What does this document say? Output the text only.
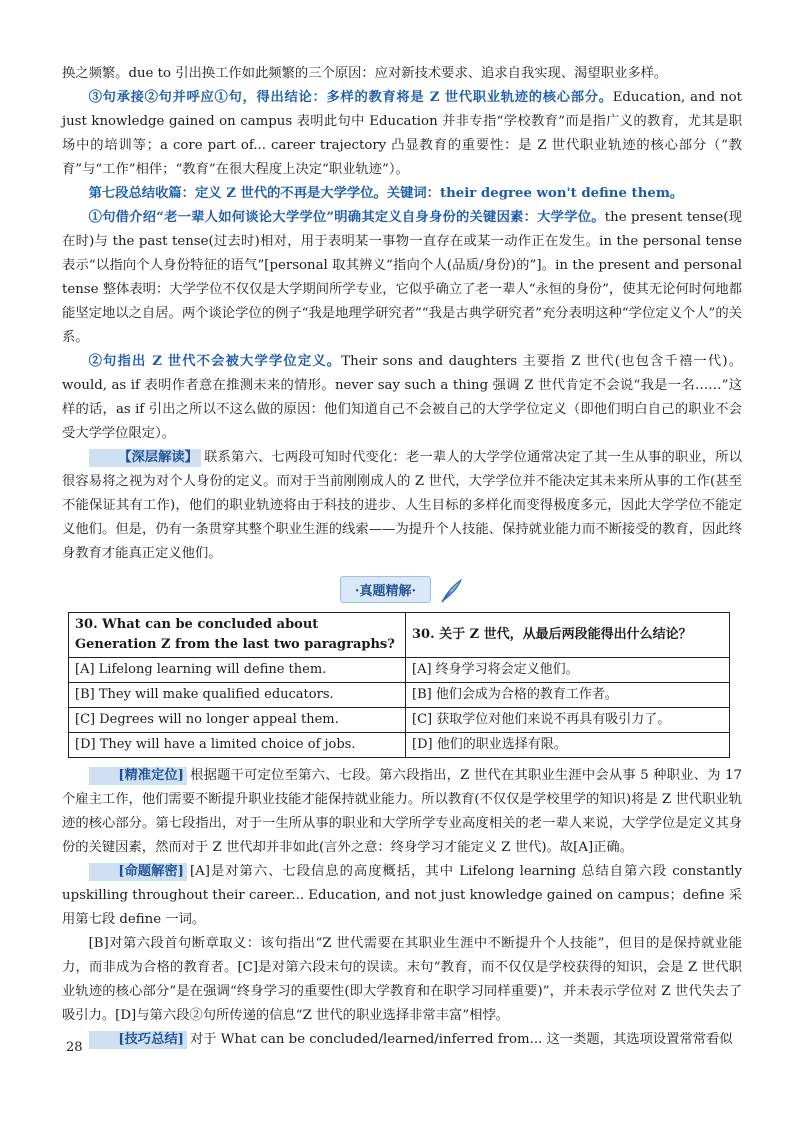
换之频繁。due to 引出换工作如此频繁的三个原因：应对新技术要求、追求自我实现、渴望职业多样。

③句承接②句并呼应①句，得出结论：多样的教育将是 Z 世代职业轨迹的核心部分。Education, and not just knowledge gained on campus 表明此句中 Education 并非专指“学校教育”而是指广义的教育，尤其是职场中的培训等；a core part of... career trajectory 凸显教育的重要性：是 Z 世代职业轨迹的核心部分（“教育”与“工作”相伴；“教育”在很大程度上决定“职业轨迹”）。

第七段总结收篇：定义 Z 世代的不再是大学学位。关键词：their degree won't define them。

①句借介绍“老一辈人如何谈论大学学位”明确其定义自身身份的关键因素：大学学位。the present tense(现在时)与 the past tense(过去时)相对，用于表明某一事物一直存在或某一动作正在发生。in the personal tense 表示“以指向个人身份特征的语气”[personal 取其辨义“指向个人(品质/身份)的”]。in the present and personal tense 整体表明：大学学位不仅仅是大学期间所学专业，它似乎确立了老一辈人“永恒的身份”，使其无论何时何地都能坚定地以之自居。两个谈论学位的例子“我是地理学研究者”“我是古典学研究者”充分表明这种“学位定义个人”的关系。

②句指出 Z 世代不会被大学学位定义。Their sons and daughters 主要指 Z 世代(也包含千禧一代)。would, as if 表明作者意在推测未来的情形。never say such a thing 强调 Z 世代肯定不会说“我是一名……”这样的话，as if 引出之所以不这么做的原因：他们知道自己不会被自己的大学学位定义（即他们明白自己的职业不会受大学学位限定）。

【深层解读】 联系第六、七两段可知时代变化：老一辈人的大学学位通常决定了其一生从事的职业，所以很容易将之视为对个人身份的定义。而对于当前刚刚成人的 Z 世代，大学学位并不能决定其未来所从事的工作(甚至不能保证其有工作)，他们的职业轨迹将由于科技的进步、人生目标的多样化而变得极度多元，因此大学学位不能定义他们。但是，仍有一条贯穿其整个职业生涯的线索——为提升个人技能、保持就业能力而不断接受的教育，因此终身教育才能真正定义他们。

·真题精解·
30. What can be concluded about Generation Z from the last two paragraphs?	30. 关于 Z 世代，从最后两段能得出什么结论？
[A] Lifelong learning will define them.	[A] 终身学习将会定义他们。
[B] They will make qualified educators.	[B] 他们会成为合格的教育工作者。
[C] Degrees will no longer appeal them.	[C] 获取学位对他们来说不再具有吸引力了。
[D] They will have a limited choice of jobs.	[D] 他们的职业选择有限。

[精准定位] 根据题干可定位至第六、七段。第六段指出，Z 世代在其职业生涯中会从事 5 种职业、为 17 个雇主工作，他们需要不断提升职业技能才能保持就业能力。所以教育(不仅仅是学校里学的知识)将是 Z 世代职业轨迹的核心部分。第七段指出，对于一生所从事的职业和大学所学专业高度相关的老一辈人来说，大学学位是定义其身份的关键因素，然而对于 Z 世代却并非如此(言外之意：终身学习才能定义 Z 世代)。故[A]正确。

[命题解密] [A]是对第六、七段信息的高度概括，其中 Lifelong learning 总结自第六段 constantly upskilling throughout their career... Education, and not just knowledge gained on campus；define 采用第七段 define 一词。

[B]对第六段首句断章取义：该句指出“Z 世代需要在其职业生涯中不断提升个人技能”，但目的是保持就业能力，而非成为合格的教育者。[C]是对第六段末句的误读。末句“教育，而不仅仅是学校获得的知识，会是 Z 世代职业轨迹的核心部分”是在强调“终身学习的重要性(即大学教育和在职学习同样重要)”，并未表示学位对 Z 世代失去了吸引力。[D]与第六段②句所传递的信息“Z 世代的职业选择非常丰富”相悖。

[技巧总结] 对于 What can be concluded/learned/inferred from... 这一类题，其选项设置常常看似

28
